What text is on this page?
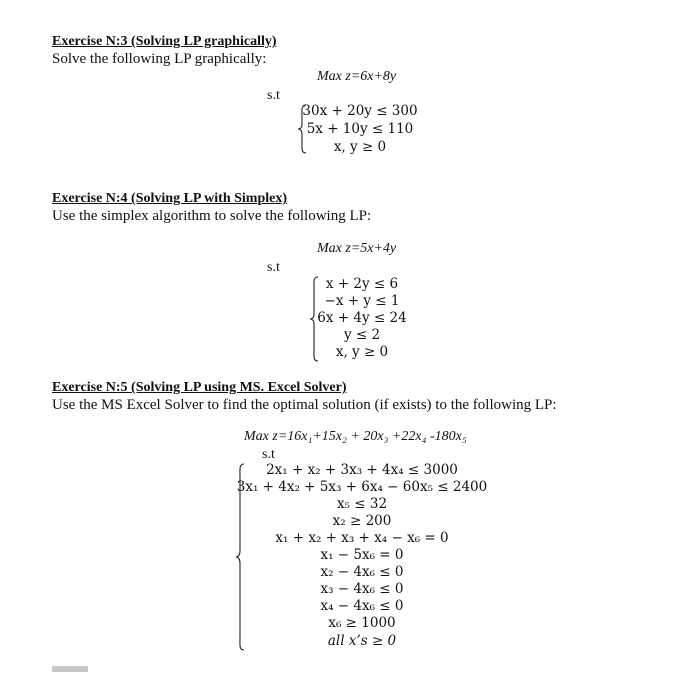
Exercise N:3 (Solving LP graphically)
Solve the following LP graphically:
Max z=6x+8y
s.t
30x + 20y ≤ 300
5x + 10y ≤ 110
x, y ≥ 0
Exercise N:4 (Solving LP with Simplex)
Use the simplex algorithm to solve the following LP:
Max z=5x+4y
s.t
x + 2y ≤ 6
−x + y ≤ 1
6x + 4y ≤ 24
y ≤ 2
x, y ≥ 0
Exercise N:5 (Solving LP using MS. Excel Solver)
Use the MS Excel Solver to find the optimal solution (if exists) to the following LP:
Max z=16x₁+15x₂ + 20x₃ +22x₄ -180x₅
s.t
2x₁ + x₂ + 3x₃ + 4x₄ ≤ 3000
3x₁ + 4x₂ + 5x₃ + 6x₄ − 60x₅ ≤ 2400
x₅ ≤ 32
x₂ ≥ 200
x₁ + x₂ + x₃ + x₄ − x₆ = 0
x₁ − 5x₆ = 0
x₂ − 4x₆ ≤ 0
x₃ − 4x₆ ≤ 0
x₄ − 4x₆ ≤ 0
x₆ ≥ 1000
all x’s ≥ 0
